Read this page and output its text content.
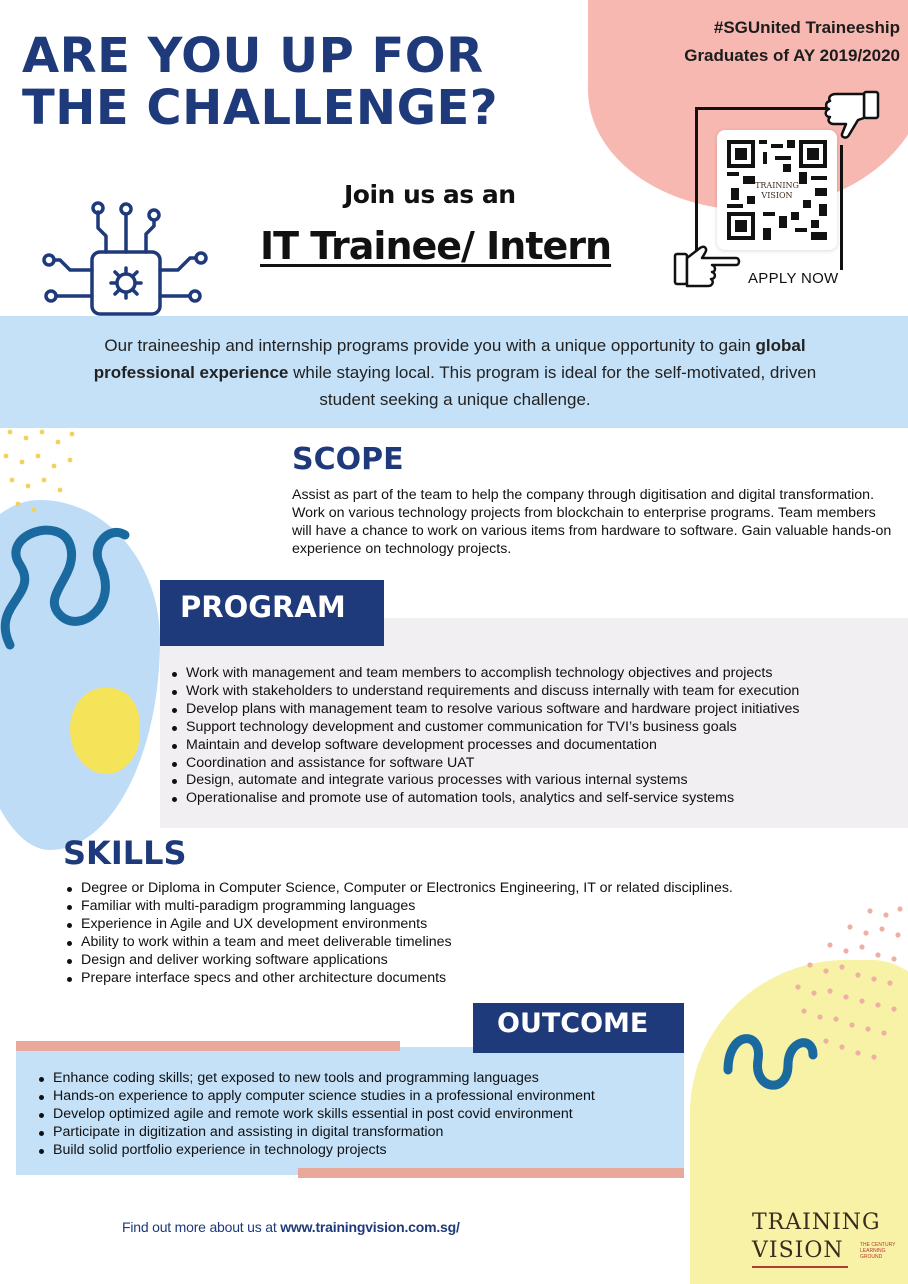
ARE YOU UP FOR
THE CHALLENGE?
#SGUnited Traineeship
Graduates of AY 2019/2020
Join us as an
IT Trainee/ Intern
TRAINING
VISION
APPLY NOW

Our traineeship and internship programs provide you with a unique opportunity to gain global professional experience while staying local. This program is ideal for the self-motivated, driven student seeking a unique challenge.

SCOPE

Assist as part of the team to help the company through digitisation and digital transformation. Work on various technology projects from blockchain to enterprise programs. Team members will have a chance to work on various items from hardware to software. Gain valuable hands-on experience on technology projects.

PROGRAM
Work with management and team members to accomplish technology objectives and projects
Work with stakeholders to understand requirements and discuss internally with team for execution
Develop plans with management team to resolve various software and hardware project initiatives
Support technology development and customer communication for TVI’s business goals
Maintain and develop software development processes and documentation
Coordination and assistance for software UAT
Design, automate and integrate various processes with various internal systems
Operationalise and promote use of automation tools, analytics and self-service systems
SKILLS
Degree or Diploma in Computer Science, Computer or Electronics Engineering, IT or related disciplines.
Familiar with multi-paradigm programming languages
Experience in Agile and UX development environments
Ability to work within a team and meet deliverable timelines
Design and deliver working software applications
Prepare interface specs and other architecture documents
OUTCOME
Enhance coding skills; get exposed to new tools and programming languages
Hands-on experience to apply computer science studies in a professional environment
Develop optimized agile and remote work skills essential in post covid environment
Participate in digitization and assisting in digital transformation
Build solid portfolio experience in technology projects
Find out more about us at www.trainingvision.com.sg/	TRAINING
VISION	THE CENTURY LEARNING GROUND
